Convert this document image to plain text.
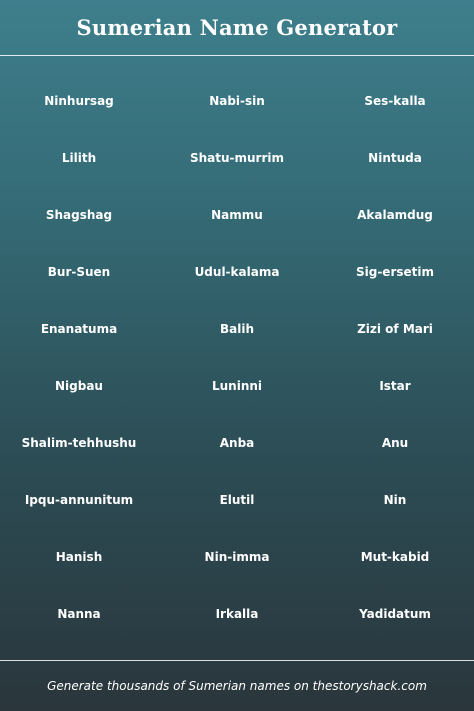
Sumerian Name Generator
Ninhursag	Nabi-sin	Ses-kalla
Lilith	Shatu-murrim	Nintuda
Shagshag	Nammu	Akalamdug
Bur-Suen	Udul-kalama	Sig-ersetim
Enanatuma	Balih	Zizi of Mari
Nigbau	Luninni	Istar
Shalim-tehhushu	Anba	Anu
Ipqu-annunitum	Elutil	Nin
Hanish	Nin-imma	Mut-kabid
Nanna	Irkalla	Yadidatum
Generate thousands of Sumerian names on thestoryshack.com
